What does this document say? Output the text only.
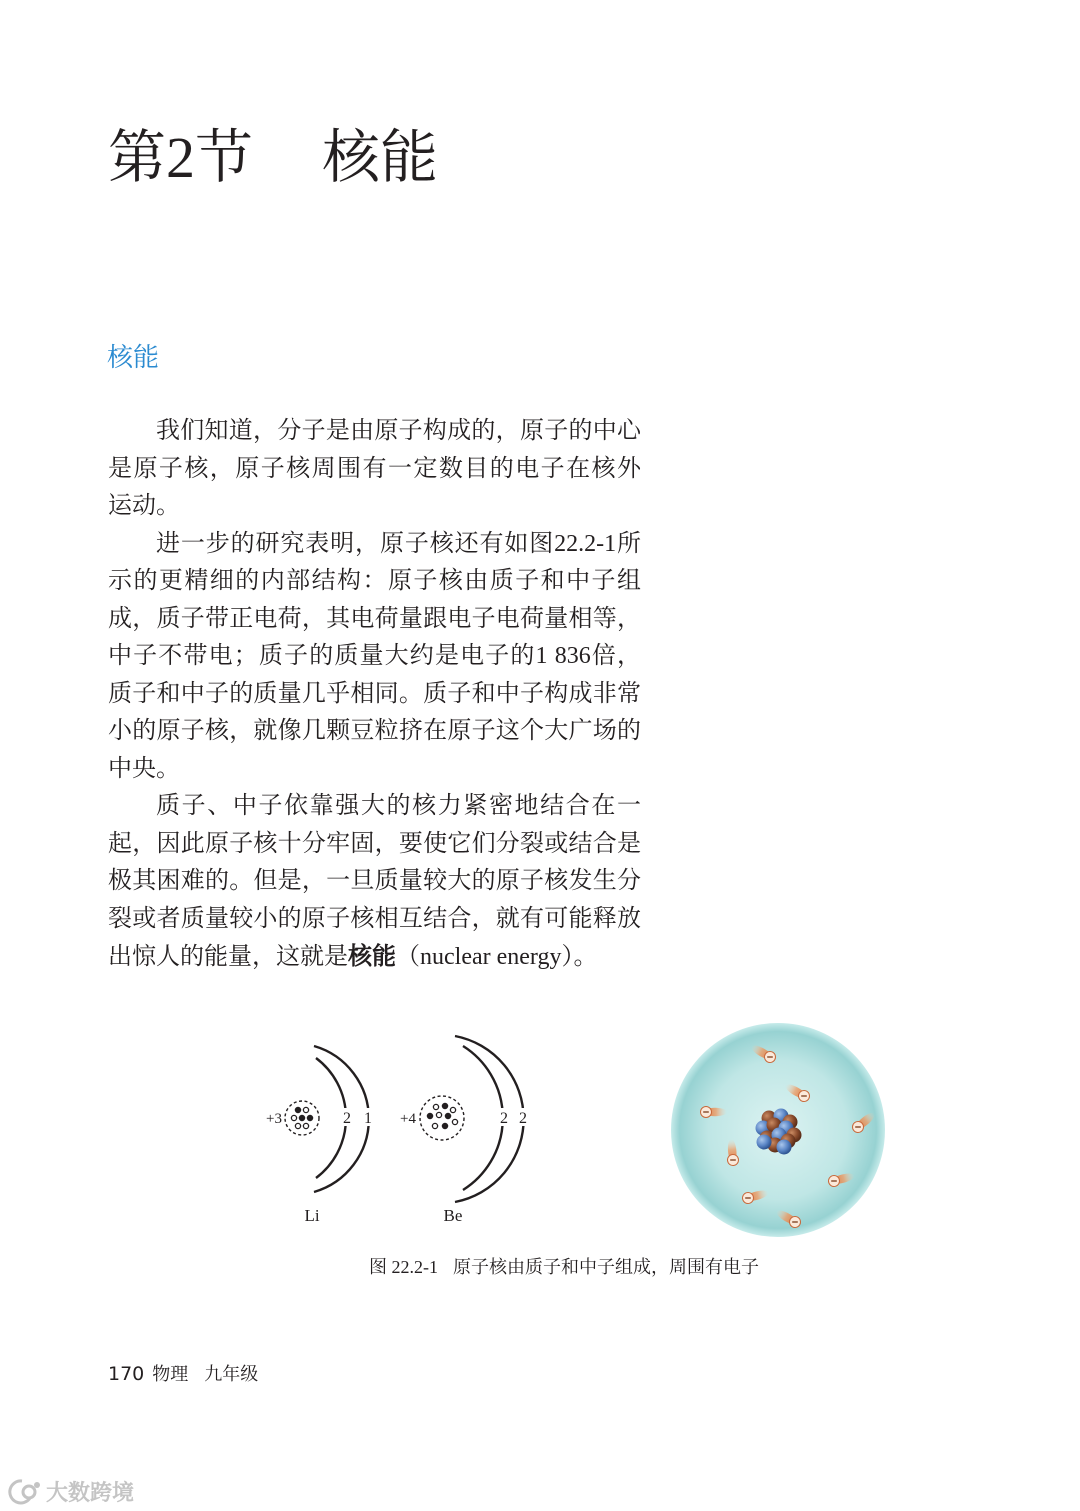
第2节 核能
核能
我们知道，分子是由原子构成的，原子的中心
是原子核，原子核周围有一定数目的电子在核外
运动。
进一步的研究表明，原子核还有如图22.2-1所
示的更精细的内部结构：原子核由质子和中子组
成，质子带正电荷，其电荷量跟电子电荷量相等，
中子不带电；质子的质量大约是电子的1 836倍，
质子和中子的质量几乎相同。质子和中子构成非常
小的原子核，就像几颗豆粒挤在原子这个大广场的
中央。
质子、中子依靠强大的核力紧密地结合在一
起，因此原子核十分牢固，要使它们分裂或结合是
极其困难的。但是，一旦质量较大的原子核发生分
裂或者质量较小的原子核相互结合，就有可能释放
出惊人的能量，这就是核能（nuclear energy）。
+3	2 1
Li
+4	2 2
Be
图 22.2-1 原子核由质子和中子组成，周围有电子
170 物理 九年级
大数跨境
